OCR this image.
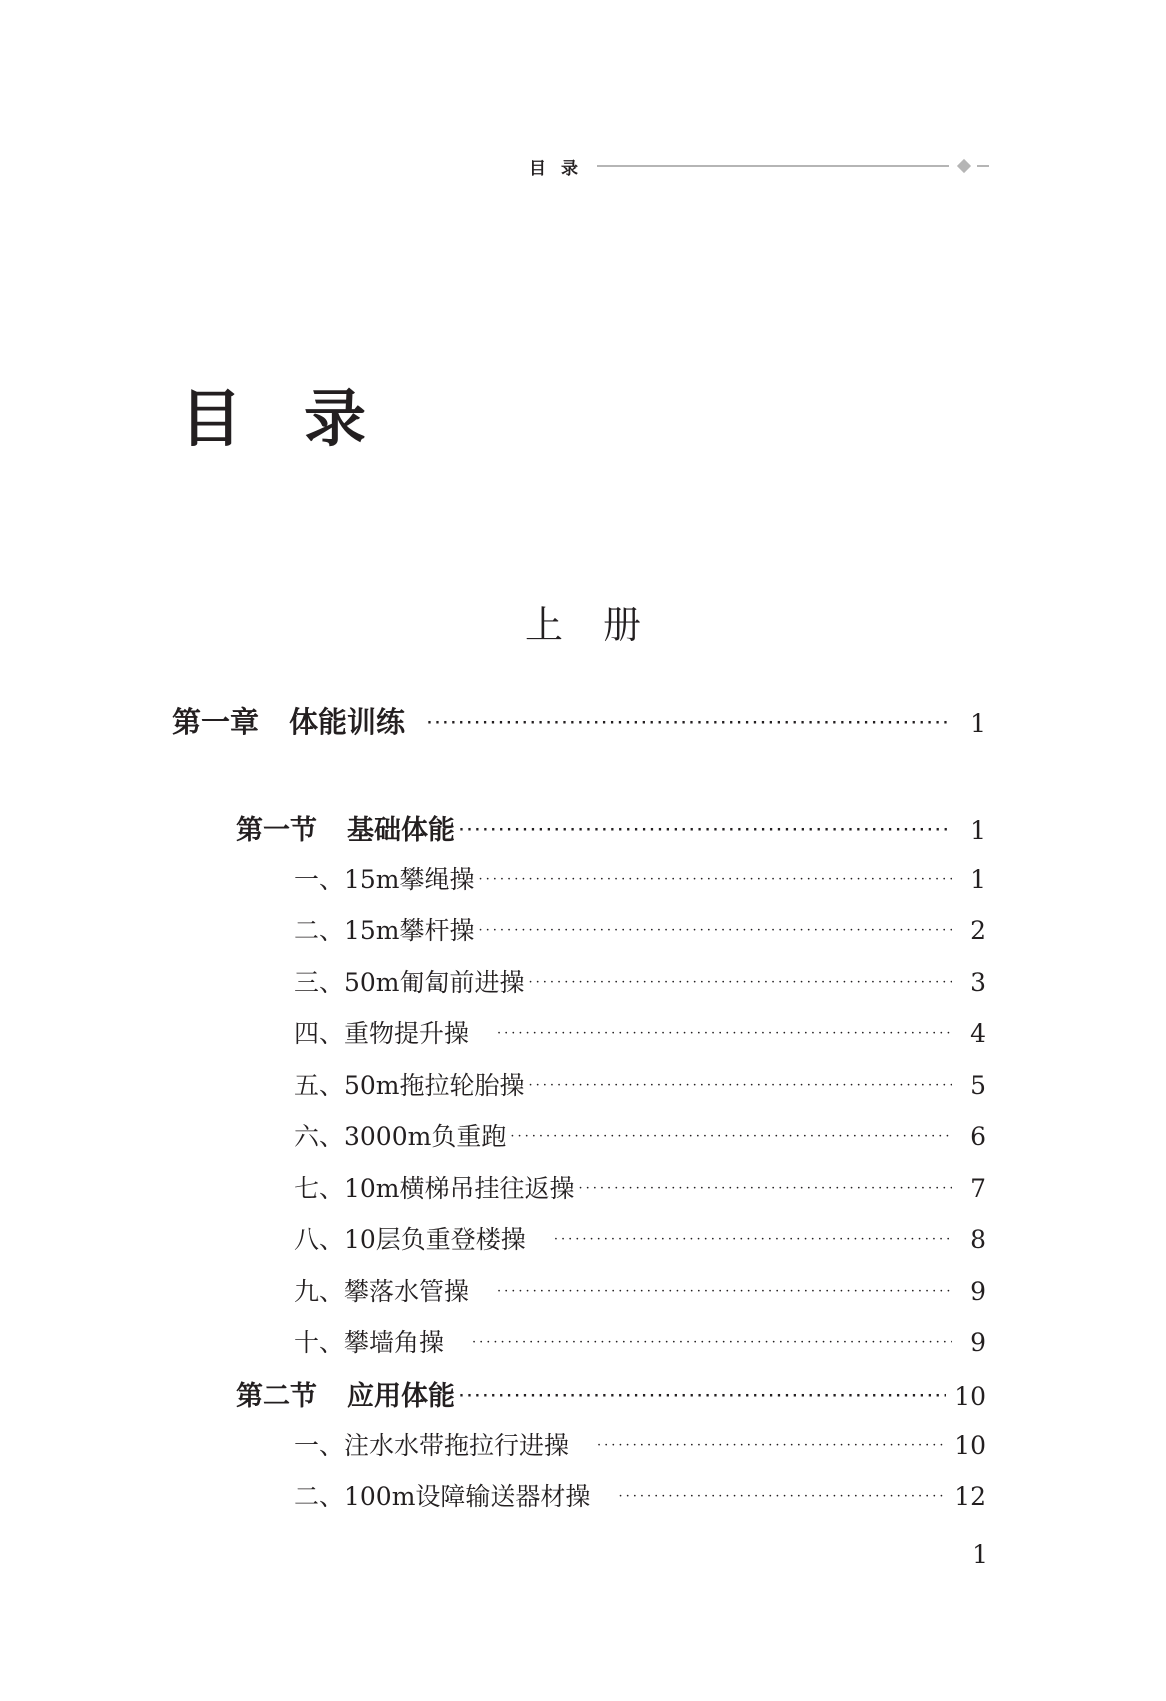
目录
目录
上册
第一章 体能训练 ·····	1
第一节 基础体能 ·····	1
一、15m攀绳操 ·····	1
二、15m攀杆操 ·····	2
三、50m匍匐前进操 ·····	3
四、重物提升操 ·····	4
五、50m拖拉轮胎操 ·····	5
六、3000m负重跑 ·····	6
七、10m横梯吊挂往返操 ·····	7
八、10层负重登楼操 ·····	8
九、攀落水管操 ·····	9
十、攀墙角操 ·····	9
第二节 应用体能 ·····	10
一、注水水带拖拉行进操 ·····	10
二、100m设障输送器材操 ·····	12
1
